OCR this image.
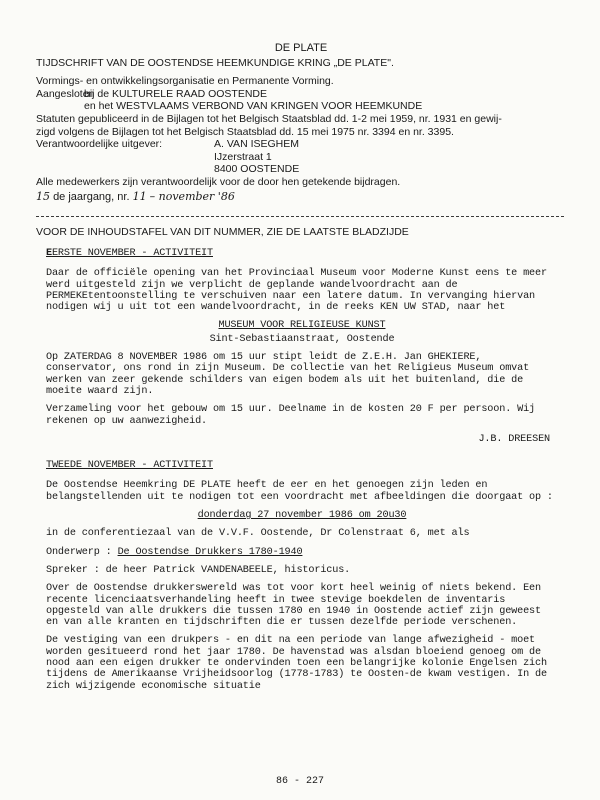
DE PLATE
TIJDSCHRIFT VAN DE OOSTENDSE HEEMKUNDIGE KRING „DE PLATE".
Vormings- en ontwikkelingsorganisatie en Permanente Vorming.
Aangesloten
bij de KULTURELE RAAD OOSTENDE
en het WESTVLAAMS VERBOND VAN KRINGEN VOOR HEEMKUNDE
Statuten gepubliceerd in de Bijlagen tot het Belgisch Staatsblad dd. 1-2 mei 1959, nr. 1931 en gewij-
zigd volgens de Bijlagen tot het Belgisch Staatsblad dd. 15 mei 1975 nr. 3394 en nr. 3395.
Verantwoordelijke uitgever:	A. VAN ISEGHEM
IJzerstraat 1
8400 OOSTENDE
Alle medewerkers zijn verantwoordelijk voor de door hen getekende bijdragen.
15 de jaargang, nr. 11 – november '86
VOOR DE INHOUDSTAFEL VAN DIT NUMMER, ZIE DE LAATSTE BLADZIJDE
EERSTE NOVEMBER - ACTIVITEIT

Daar de officiële opening van het Provinciaal Museum voor Moderne Kunst eens te meer werd uitgesteld zijn we verplicht de geplande wandelvoordracht aan de PERMEKEtentoonstelling te verschuiven naar een latere datum. In vervanging hiervan nodigen wij u uit tot een wandelvoordracht, in de reeks KEN UW STAD, naar het

MUSEUM VOOR RELIGIEUSE KUNST

Sint-Sebastiaanstraat, Oostende

Op ZATERDAG 8 NOVEMBER 1986 om 15 uur stipt leidt de Z.E.H. Jan GHEKIERE, conservator, ons rond in zijn Museum. De collectie van het Religieus Museum omvat werken van zeer gekende schilders van eigen bodem als uit het buitenland, die de moeite waard zijn.

Verzameling voor het gebouw om 15 uur. Deelname in de kosten 20 F per persoon. Wij rekenen op uw aanwezigheid.

J.B. DREESEN
TWEEDE NOVEMBER - ACTIVITEIT

De Oostendse Heemkring DE PLATE heeft de eer en het genoegen zijn leden en belangstellenden uit te nodigen tot een voordracht met afbeeldingen die doorgaat op :

donderdag 27 november 1986 om 20u30

in de conferentiezaal van de V.V.F. Oostende, Dr Colenstraat 6, met als

Onderwerp : De Oostendse Drukkers 1780-1940

Spreker : de heer Patrick VANDENABEELE, historicus.

Over de Oostendse drukkerswereld was tot voor kort heel weinig of niets bekend. Een recente licenciaatsverhandeling heeft in twee stevige boekdelen de inventaris opgesteld van alle drukkers die tussen 1780 en 1940 in Oostende actief zijn geweest en van alle kranten en tijdschriften die er tussen dezelfde periode verschenen.

De vestiging van een drukpers - en dit na een periode van lange afwezigheid - moet worden gesitueerd rond het jaar 1780. De havenstad was alsdan bloeiend genoeg om de nood aan een eigen drukker te ondervinden toen een belangrijke kolonie Engelsen zich tijdens de Amerikaanse Vrijheidsoorlog (1778-1783) te Oosten-de kwam vestigen. In de zich wijzigende economische situatie

86 - 227
